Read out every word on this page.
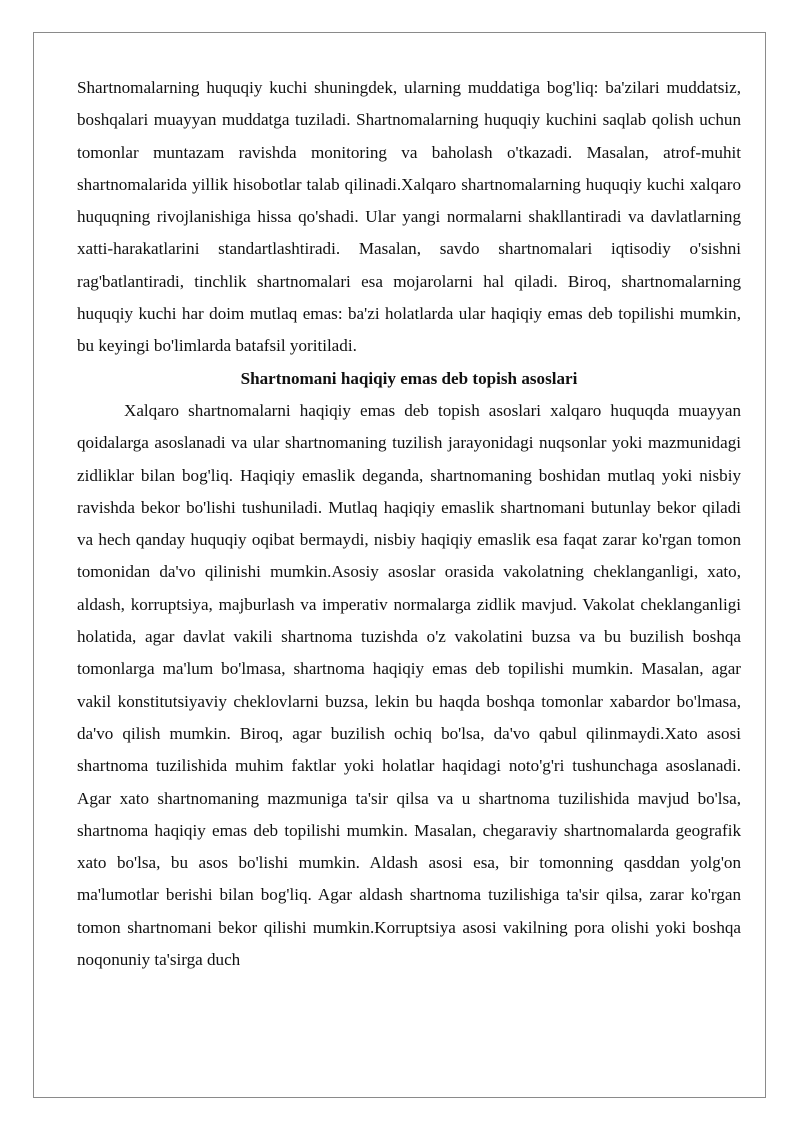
Shartnomalarning huquqiy kuchi shuningdek, ularning muddatiga bog'liq: ba'zilari muddatsiz, boshqalari muayyan muddatga tuziladi. Shartnomalarning huquqiy kuchini saqlab qolish uchun tomonlar muntazam ravishda monitoring va baholash o'tkazadi. Masalan, atrof-muhit shartnomalarida yillik hisobotlar talab qilinadi.Xalqaro shartnomalarning huquqiy kuchi xalqaro huquqning rivojlanishiga hissa qo'shadi. Ular yangi normalarni shakllantiradi va davlatlarning xatti-harakatlarini standartlashtiradi. Masalan, savdo shartnomalari iqtisodiy o'sishni rag'batlantiradi, tinchlik shartnomalari esa mojarolarni hal qiladi. Biroq, shartnomalarning huquqiy kuchi har doim mutlaq emas: ba'zi holatlarda ular haqiqiy emas deb topilishi mumkin, bu keyingi bo'limlarda batafsil yoritiladi.

Shartnomani haqiqiy emas deb topish asoslari

Xalqaro shartnomalarni haqiqiy emas deb topish asoslari xalqaro huquqda muayyan qoidalarga asoslanadi va ular shartnomaning tuzilish jarayonidagi nuqsonlar yoki mazmunidagi zidliklar bilan bog'liq. Haqiqiy emaslik deganda, shartnomaning boshidan mutlaq yoki nisbiy ravishda bekor bo'lishi tushuniladi. Mutlaq haqiqiy emaslik shartnomani butunlay bekor qiladi va hech qanday huquqiy oqibat bermaydi, nisbiy haqiqiy emaslik esa faqat zarar ko'rgan tomon tomonidan da'vo qilinishi mumkin.Asosiy asoslar orasida vakolatning cheklanganligi, xato, aldash, korruptsiya, majburlash va imperativ normalarga zidlik mavjud. Vakolat cheklanganligi holatida, agar davlat vakili shartnoma tuzishda o'z vakolatini buzsa va bu buzilish boshqa tomonlarga ma'lum bo'lmasa, shartnoma haqiqiy emas deb topilishi mumkin. Masalan, agar vakil konstitutsiyaviy cheklovlarni buzsa, lekin bu haqda boshqa tomonlar xabardor bo'lmasa, da'vo qilish mumkin. Biroq, agar buzilish ochiq bo'lsa, da'vo qabul qilinmaydi.Xato asosi shartnoma tuzilishida muhim faktlar yoki holatlar haqidagi noto'g'ri tushunchaga asoslanadi. Agar xato shartnomaning mazmuniga ta'sir qilsa va u shartnoma tuzilishida mavjud bo'lsa, shartnoma haqiqiy emas deb topilishi mumkin. Masalan, chegaraviy shartnomalarda geografik xato bo'lsa, bu asos bo'lishi mumkin. Aldash asosi esa, bir tomonning qasddan yolg'on ma'lumotlar berishi bilan bog'liq. Agar aldash shartnoma tuzilishiga ta'sir qilsa, zarar ko'rgan tomon shartnomani bekor qilishi mumkin.Korruptsiya asosi vakilning pora olishi yoki boshqa noqonuniy ta'sirga duch
